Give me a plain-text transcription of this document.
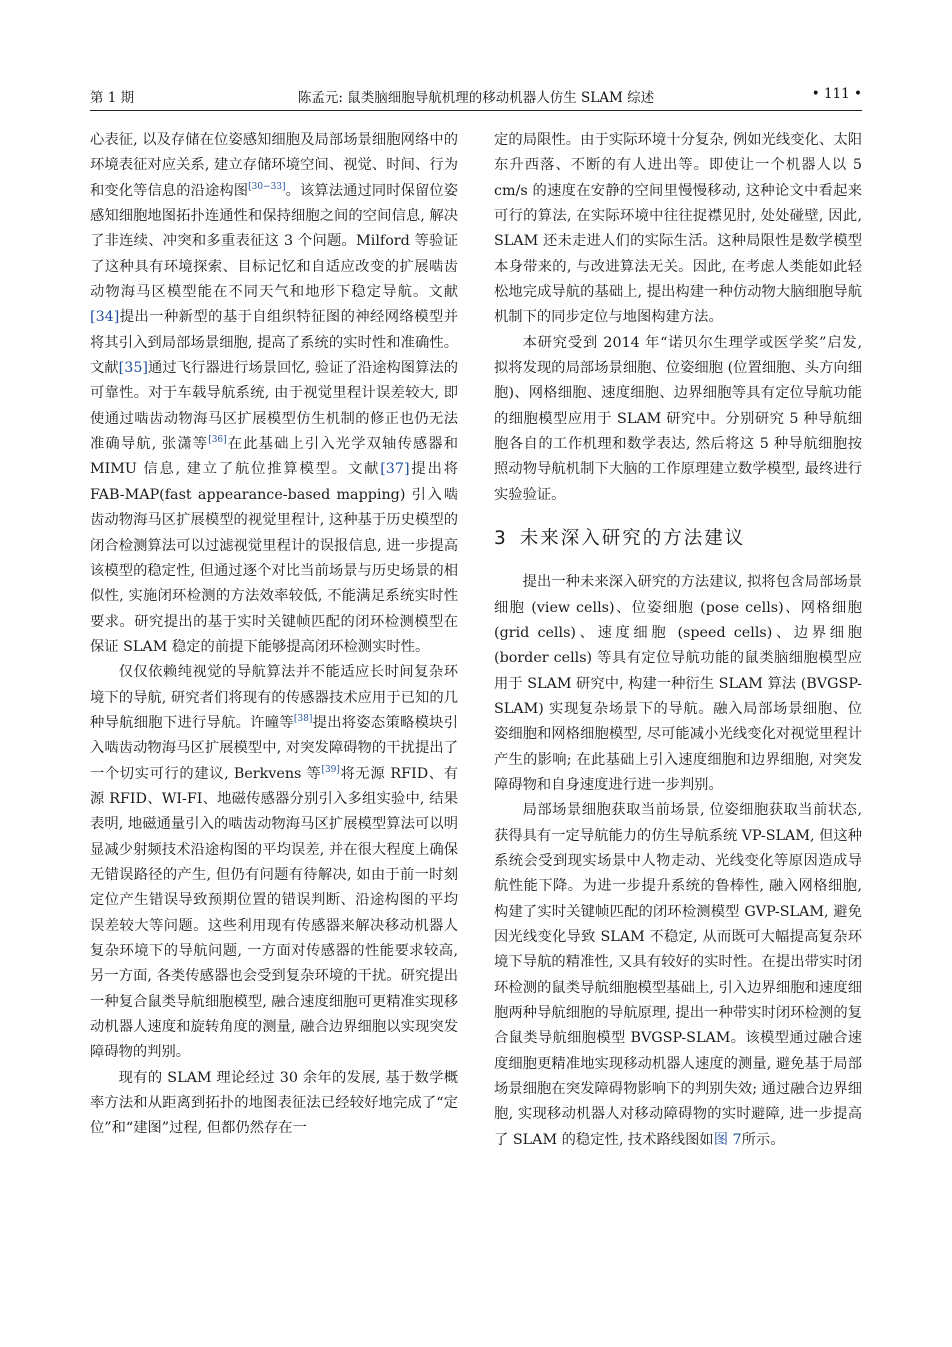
第 1 期	陈孟元: 鼠类脑细胞导航机理的移动机器人仿生 SLAM 综述	• 111 •

心表征, 以及存储在位姿感知细胞及局部场景细胞网络中的环境表征对应关系, 建立存储环境空间、视觉、时间、行为和变化等信息的沿途构图[30−33]。该算法通过同时保留位姿感知细胞地图拓扑连通性和保持细胞之间的空间信息, 解决了非连续、冲突和多重表征这 3 个问题。Milford 等验证了这种具有环境探索、目标记忆和自适应改变的扩展啮齿动物海马区模型能在不同天气和地形下稳定导航。文献[34]提出一种新型的基于自组织特征图的神经网络模型并将其引入到局部场景细胞, 提高了系统的实时性和准确性。文献[35]通过飞行器进行场景回忆, 验证了沿途构图算法的可靠性。对于车载导航系统, 由于视觉里程计误差较大, 即使通过啮齿动物海马区扩展模型仿生机制的修正也仍无法准确导航, 张潇等[36]在此基础上引入光学双轴传感器和 MIMU 信息, 建立了航位推算模型。文献[37]提出将 FAB-MAP(fast appearance-based mapping) 引入啮齿动物海马区扩展模型的视觉里程计, 这种基于历史模型的闭合检测算法可以过滤视觉里程计的误报信息, 进一步提高该模型的稳定性, 但通过逐个对比当前场景与历史场景的相似性, 实施闭环检测的方法效率较低, 不能满足系统实时性要求。研究提出的基于实时关键帧匹配的闭环检测模型在保证 SLAM 稳定的前提下能够提高闭环检测实时性。

仅仅依赖纯视觉的导航算法并不能适应长时间复杂环境下的导航, 研究者们将现有的传感器技术应用于已知的几种导航细胞下进行导航。许曈等[38]提出将姿态策略模块引入啮齿动物海马区扩展模型中, 对突发障碍物的干扰提出了一个切实可行的建议, Berkvens 等[39]将无源 RFID、有源 RFID、WI-FI、地磁传感器分别引入多组实验中, 结果表明, 地磁通量引入的啮齿动物海马区扩展模型算法可以明显减少射频技术沿途构图的平均误差, 并在很大程度上确保无错误路径的产生, 但仍有问题有待解决, 如由于前一时刻定位产生错误导致预期位置的错误判断、沿途构图的平均误差较大等问题。这些利用现有传感器来解决移动机器人复杂环境下的导航问题, 一方面对传感器的性能要求较高, 另一方面, 各类传感器也会受到复杂环境的干扰。研究提出一种复合鼠类导航细胞模型, 融合速度细胞可更精准实现移动机器人速度和旋转角度的测量, 融合边界细胞以实现突发障碍物的判别。

现有的 SLAM 理论经过 30 余年的发展, 基于数学概率方法和从距离到拓扑的地图表征法已经较好地完成了“定位”和“建图”过程, 但都仍然存在一

定的局限性。由于实际环境十分复杂, 例如光线变化、太阳东升西落、不断的有人进出等。即使让一个机器人以 5 cm/s 的速度在安静的空间里慢慢移动, 这种论文中看起来可行的算法, 在实际环境中往往捉襟见肘, 处处碰壁, 因此, SLAM 还未走进人们的实际生活。这种局限性是数学模型本身带来的, 与改进算法无关。因此, 在考虑人类能如此轻松地完成导航的基础上, 提出构建一种仿动物大脑细胞导航机制下的同步定位与地图构建方法。

本研究受到 2014 年“诺贝尔生理学或医学奖”启发, 拟将发现的局部场景细胞、位姿细胞 (位置细胞、头方向细胞)、网格细胞、速度细胞、边界细胞等具有定位导航功能的细胞模型应用于 SLAM 研究中。分别研究 5 种导航细胞各自的工作机理和数学表达, 然后将这 5 种导航细胞按照动物导航机制下大脑的工作原理建立数学模型, 最终进行实验验证。

3 未来深入研究的方法建议

提出一种未来深入研究的方法建议, 拟将包含局部场景细胞 (view cells)、位姿细胞 (pose cells)、网格细胞 (grid cells)、速度细胞 (speed cells)、边界细胞 (border cells) 等具有定位导航功能的鼠类脑细胞模型应用于 SLAM 研究中, 构建一种衍生 SLAM 算法 (BVGSP-SLAM) 实现复杂场景下的导航。融入局部场景细胞、位姿细胞和网格细胞模型, 尽可能减小光线变化对视觉里程计产生的影响; 在此基础上引入速度细胞和边界细胞, 对突发障碍物和自身速度进行进一步判别。

局部场景细胞获取当前场景, 位姿细胞获取当前状态, 获得具有一定导航能力的仿生导航系统 VP-SLAM, 但这种系统会受到现实场景中人物走动、光线变化等原因造成导航性能下降。为进一步提升系统的鲁棒性, 融入网格细胞, 构建了实时关键帧匹配的闭环检测模型 GVP-SLAM, 避免因光线变化导致 SLAM 不稳定, 从而既可大幅提高复杂环境下导航的精准性, 又具有较好的实时性。在提出带实时闭环检测的鼠类导航细胞模型基础上, 引入边界细胞和速度细胞两种导航细胞的导航原理, 提出一种带实时闭环检测的复合鼠类导航细胞模型 BVGSP-SLAM。该模型通过融合速度细胞更精准地实现移动机器人速度的测量, 避免基于局部场景细胞在突发障碍物影响下的判别失效; 通过融合边界细胞, 实现移动机器人对移动障碍物的实时避障, 进一步提高了 SLAM 的稳定性, 技术路线图如图 7所示。
